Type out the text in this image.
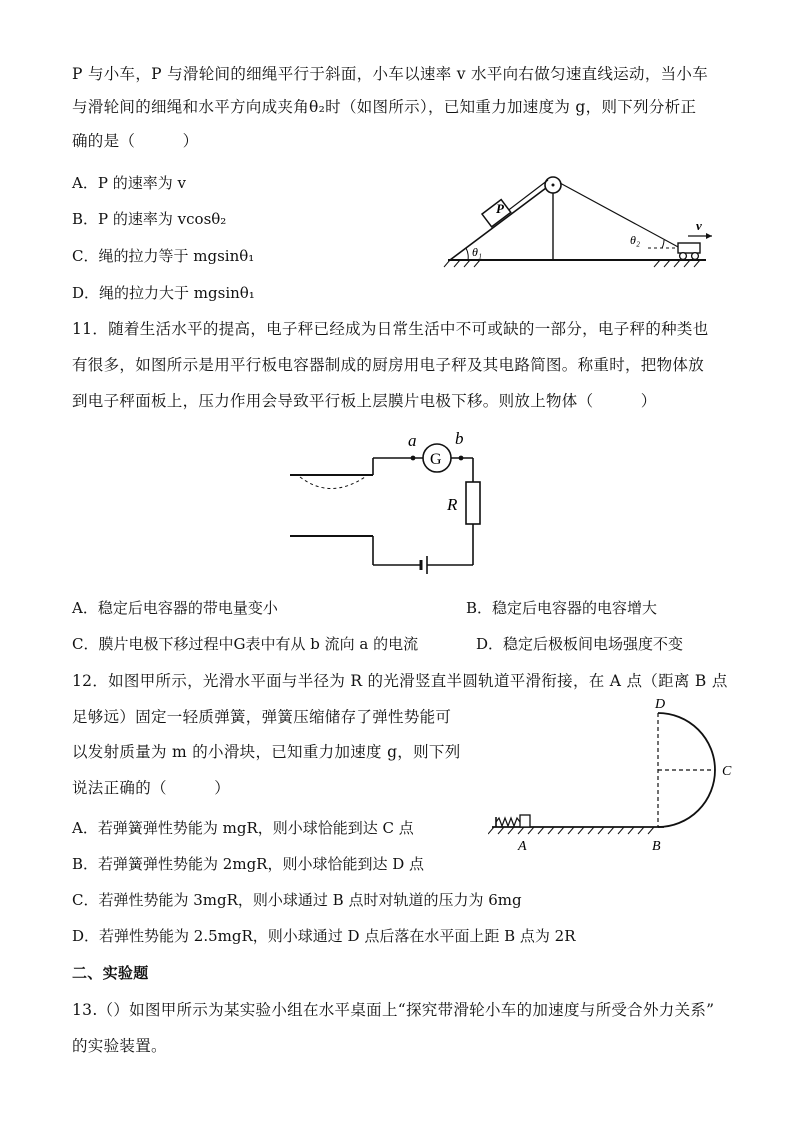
P 与小车，P 与滑轮间的细绳平行于斜面，小车以速率 v 水平向右做匀速直线运动，当小车
与滑轮间的细绳和水平方向成夹角θ₂时（如图所示），已知重力加速度为 g，则下列分析正
确的是（　　　）
A．P 的速率为 v
B．P 的速率为 vcosθ₂
C．绳的拉力等于 mgsinθ₁
D．绳的拉力大于 mgsinθ₁
P
θ₁
θ₂
v
11．随着生活水平的提高，电子秤已经成为日常生活中不可或缺的一部分，电子秤的种类也
有很多，如图所示是用平行板电容器制成的厨房用电子秤及其电路简图。称重时，把物体放
到电子秤面板上，压力作用会导致平行板上层膜片电极下移。则放上物体（　　　）
a
G
b
R
A．稳定后电容器的带电量变小	B．稳定后电容器的电容增大
C．膜片电极下移过程中G表中有从 b 流向 a 的电流	D．稳定后极板间电场强度不变
12．如图甲所示，光滑水平面与半径为 R 的光滑竖直半圆轨道平滑衔接，在 A 点（距离 B 点
足够远）固定一轻质弹簧，弹簧压缩储存了弹性势能可
以发射质量为 m 的小滑块，已知重力加速度 g，则下列
说法正确的（　　　）
A	B
D
C
A．若弹簧弹性势能为 mgR，则小球恰能到达 C 点
B．若弹簧弹性势能为 2mgR，则小球恰能到达 D 点
C．若弹性势能为 3mgR，则小球通过 B 点时对轨道的压力为 6mg
D．若弹性势能为 2.5mgR，则小球通过 D 点后落在水平面上距 B 点为 2R
二、实验题
13.（）如图甲所示为某实验小组在水平桌面上“探究带滑轮小车的加速度与所受合外力关系”
的实验装置。
